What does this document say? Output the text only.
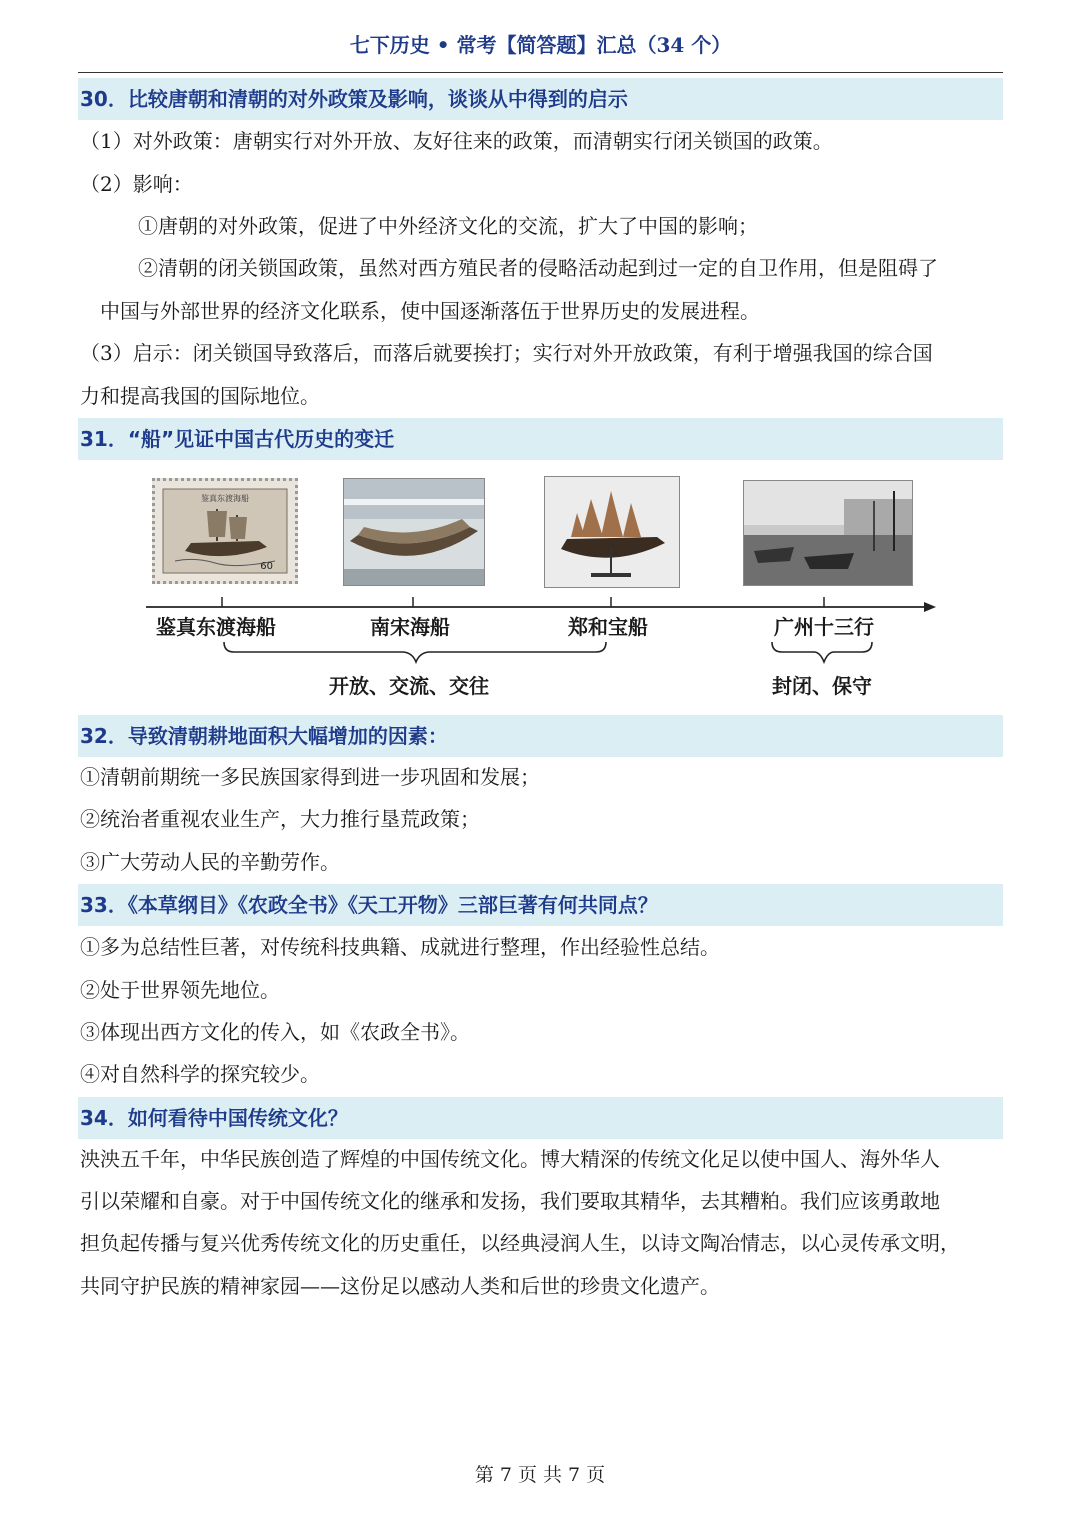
七下历史 • 常考【简答题】汇总（34 个）
30．比较唐朝和清朝的对外政策及影响，谈谈从中得到的启示
（1）对外政策：唐朝实行对外开放、友好往来的政策，而清朝实行闭关锁国的政策。
（2）影响：
①唐朝的对外政策，促进了中外经济文化的交流，扩大了中国的影响；
②清朝的闭关锁国政策，虽然对西方殖民者的侵略活动起到过一定的自卫作用，但是阻碍了
中国与外部世界的经济文化联系，使中国逐渐落伍于世界历史的发展进程。
（3）启示：闭关锁国导致落后，而落后就要挨打；实行对外开放政策，有利于增强我国的综合国
力和提高我国的国际地位。
31．“船”见证中国古代历史的变迁
鉴真东渡海船
60
鉴真东渡海船	南宋海船	郑和宝船	广州十三行
开放、交流、交往	封闭、保守
32．导致清朝耕地面积大幅增加的因素：
①清朝前期统一多民族国家得到进一步巩固和发展；
②统治者重视农业生产，大力推行垦荒政策；
③广大劳动人民的辛勤劳作。
33．《本草纲目》《农政全书》《天工开物》三部巨著有何共同点？
①多为总结性巨著，对传统科技典籍、成就进行整理，作出经验性总结。
②处于世界领先地位。
③体现出西方文化的传入，如《农政全书》。
④对自然科学的探究较少。
34．如何看待中国传统文化？
泱泱五千年，中华民族创造了辉煌的中国传统文化。博大精深的传统文化足以使中国人、海外华人
引以荣耀和自豪。对于中国传统文化的继承和发扬，我们要取其精华，去其糟粕。我们应该勇敢地
担负起传播与复兴优秀传统文化的历史重任，以经典浸润人生，以诗文陶冶情志，以心灵传承文明，
共同守护民族的精神家园——这份足以感动人类和后世的珍贵文化遗产。
第 7 页 共 7 页
